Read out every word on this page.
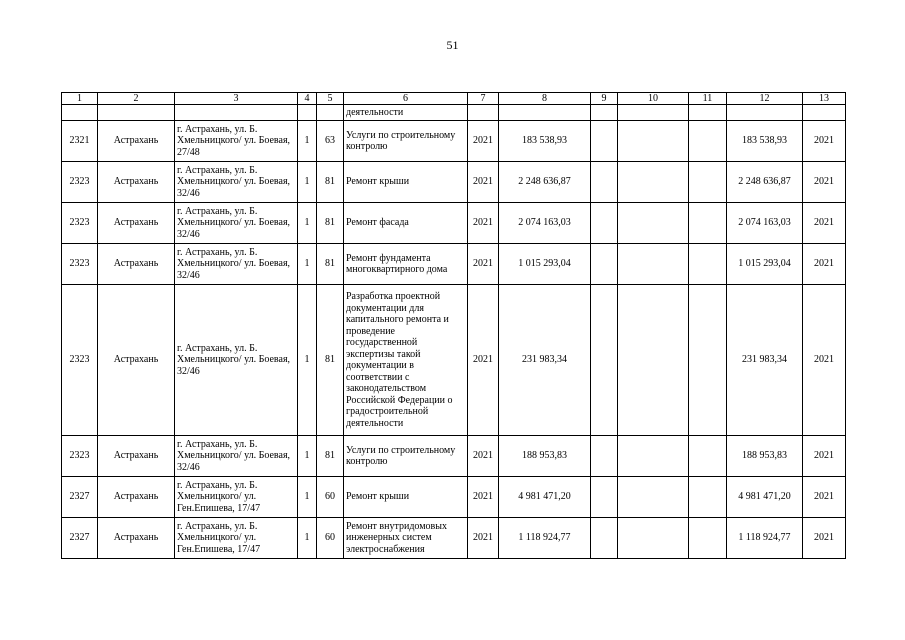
51
1	2	3	4	5	6	7	8	9	10	11	12	13
					деятельности							
2321	Астрахань	г. Астрахань, ул. Б. Хмельницкого/ ул. Боевая, 27/48	1	63	Услуги по строительному контролю	2021	183 538,93				183 538,93	2021
2323	Астрахань	г. Астрахань, ул. Б. Хмельницкого/ ул. Боевая, 32/46	1	81	Ремонт крыши	2021	2 248 636,87				2 248 636,87	2021
2323	Астрахань	г. Астрахань, ул. Б. Хмельницкого/ ул. Боевая, 32/46	1	81	Ремонт фасада	2021	2 074 163,03				2 074 163,03	2021
2323	Астрахань	г. Астрахань, ул. Б. Хмельницкого/ ул. Боевая, 32/46	1	81	Ремонт фундамента многоквартирного дома	2021	1 015 293,04				1 015 293,04	2021
2323	Астрахань	г. Астрахань, ул. Б. Хмельницкого/ ул. Боевая, 32/46	1	81	Разработка проектной документации для капитального ремонта и проведение государственной экспертизы такой документации в соответствии с законодательством Российской Федерации о градостроительной деятельности	2021	231 983,34				231 983,34	2021
2323	Астрахань	г. Астрахань, ул. Б. Хмельницкого/ ул. Боевая, 32/46	1	81	Услуги по строительному контролю	2021	188 953,83				188 953,83	2021
2327	Астрахань	г. Астрахань, ул. Б. Хмельницкого/ ул. Ген.Епишева, 17/47	1	60	Ремонт крыши	2021	4 981 471,20				4 981 471,20	2021
2327	Астрахань	г. Астрахань, ул. Б. Хмельницкого/ ул. Ген.Епишева, 17/47	1	60	Ремонт внутридомовых инженерных систем электроснабжения	2021	1 118 924,77				1 118 924,77	2021
